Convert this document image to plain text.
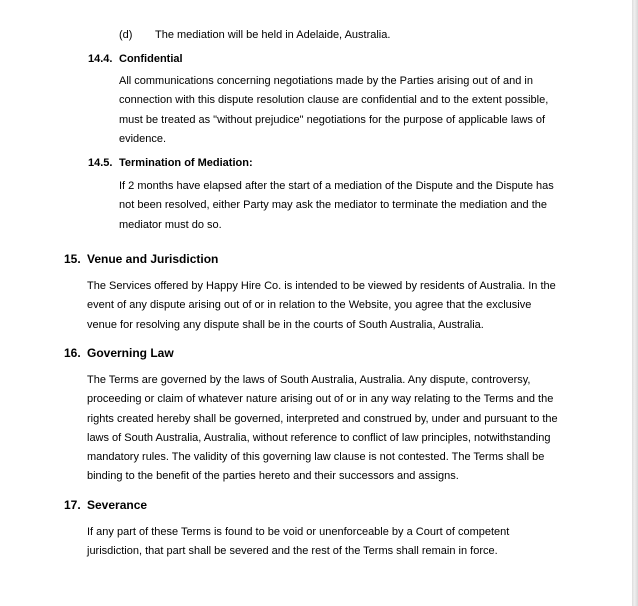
(d) The mediation will be held in Adelaide, Australia.
14.4. Confidential
All communications concerning negotiations made by the Parties arising out of and in
connection with this dispute resolution clause are confidential and to the extent possible,
must be treated as "without prejudice" negotiations for the purpose of applicable laws of
evidence.
14.5. Termination of Mediation:
If 2 months have elapsed after the start of a mediation of the Dispute and the Dispute has
not been resolved, either Party may ask the mediator to terminate the mediation and the
mediator must do so.
15. Venue and Jurisdiction
The Services offered by Happy Hire Co. is intended to be viewed by residents of Australia. In the
event of any dispute arising out of or in relation to the Website, you agree that the exclusive
venue for resolving any dispute shall be in the courts of South Australia, Australia.
16. Governing Law
The Terms are governed by the laws of South Australia, Australia. Any dispute, controversy,
proceeding or claim of whatever nature arising out of or in any way relating to the Terms and the
rights created hereby shall be governed, interpreted and construed by, under and pursuant to the
laws of South Australia, Australia, without reference to conflict of law principles, notwithstanding
mandatory rules. The validity of this governing law clause is not contested. The Terms shall be
binding to the benefit of the parties hereto and their successors and assigns.
17. Severance
If any part of these Terms is found to be void or unenforceable by a Court of competent
jurisdiction, that part shall be severed and the rest of the Terms shall remain in force.
